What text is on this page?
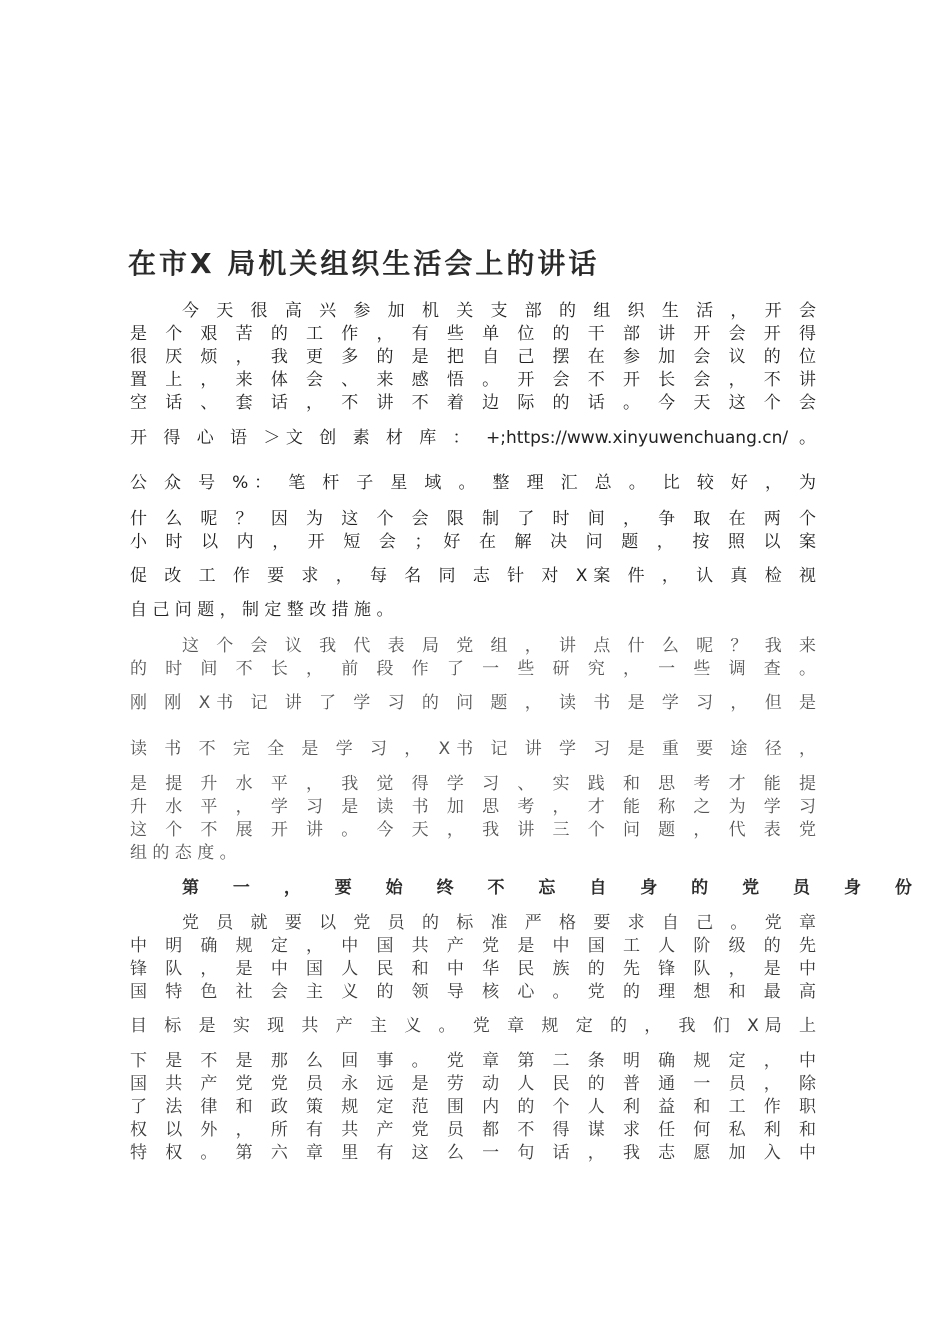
在市X 局机关组织生活会上的讲话
今 天 很 高 兴 参 加 机 关 支 部 的 组 织 生 活 ， 开 会
是 个 艰 苦 的 工 作 ， 有 些 单 位 的 干 部 讲 开 会 开 得
很 厌 烦 ， 我 更 多 的 是 把 自 己 摆 在 参 加 会 议 的 位
置 上 ， 来 体 会 、 来 感 悟 。 开 会 不 开 长 会 ， 不 讲
空 话 、 套 话 ， 不 讲 不 着 边 际 的 话 。 今 天 这 个 会
开 得 心 语 ＞文 创 素 材 库 ： +;https://www.xinyuwenchuang.cn/ 。
公 众 号 %： 笔 杆 子 星 域 。 整 理 汇 总 。 比 较 好 ， 为
什 么 呢 ？ 因 为 这 个 会 限 制 了 时 间 ， 争 取 在 两 个
小 时 以 内 ， 开 短 会 ； 好 在 解 决 问 题 ， 按 照 以 案
促 改 工 作 要 求 ， 每 名 同 志 针 对 X案 件 ， 认 真 检 视
自 己 问 题 ， 制 定 整 改 措 施 。
这 个 会 议 我 代 表 局 党 组 ， 讲 点 什 么 呢 ？ 我 来
的 时 间 不 长 ， 前 段 作 了 一 些 研 究 ， 一 些 调 查 。
刚 刚 X书 记 讲 了 学 习 的 问 题 ， 读 书 是 学 习 ， 但 是
读 书 不 完 全 是 学 习 ， X书 记 讲 学 习 是 重 要 途 径 ，
是 提 升 水 平 ， 我 觉 得 学 习 、 实 践 和 思 考 才 能 提
升 水 平 ， 学 习 是 读 书 加 思 考 ， 才 能 称 之 为 学 习
这 个 不 展 开 讲 。 今 天 ， 我 讲 三 个 问 题 ， 代 表 党
组 的 态 度 。
第 一 ， 要 始 终 不 忘 自 身 的 党 员 身 份
党 员 就 要 以 党 员 的 标 准 严 格 要 求 自 己 。 党 章
中 明 确 规 定 ， 中 国 共 产 党 是 中 国 工 人 阶 级 的 先
锋 队 ， 是 中 国 人 民 和 中 华 民 族 的 先 锋 队 ， 是 中
国 特 色 社 会 主 义 的 领 导 核 心 。 党 的 理 想 和 最 高
目 标 是 实 现 共 产 主 义 。 党 章 规 定 的 ， 我 们 X局 上
下 是 不 是 那 么 回 事 。 党 章 第 二 条 明 确 规 定 ， 中
国 共 产 党 党 员 永 远 是 劳 动 人 民 的 普 通 一 员 ， 除
了 法 律 和 政 策 规 定 范 围 内 的 个 人 利 益 和 工 作 职
权 以 外 ， 所 有 共 产 党 员 都 不 得 谋 求 任 何 私 利 和
特 权 。 第 六 章 里 有 这 么 一 句 话 ， 我 志 愿 加 入 中
